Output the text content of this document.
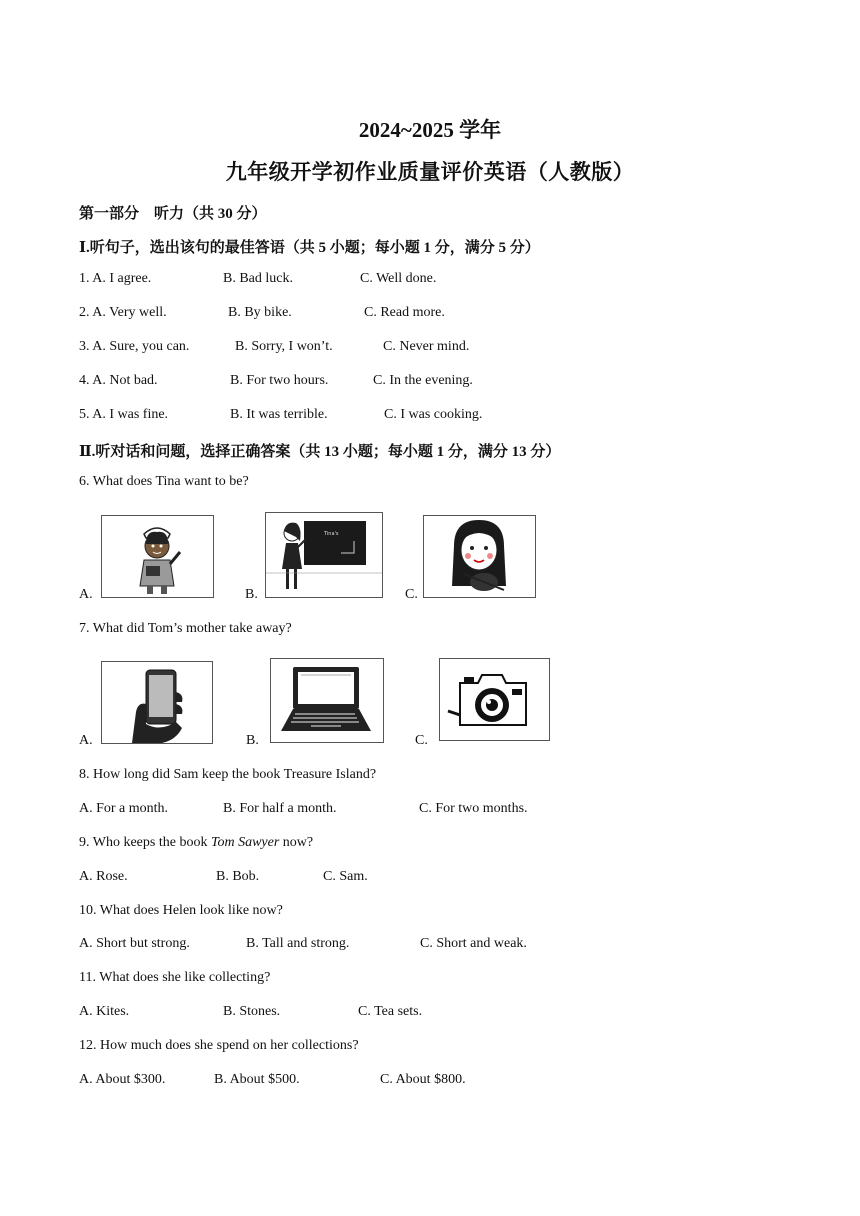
2024~2025 学年
九年级开学初作业质量评价英语（人教版）
第一部分　听力（共 30 分）
Ⅰ.听句子，选出该句的最佳答语（共 5 小题；每小题 1 分，满分 5 分）
1. A. I agree.	B. Bad luck.	C. Well done.
2. A. Very well.	B. By bike.	C. Read more.
3. A. Sure, you can.	B. Sorry, I won’t.	C. Never mind.
4. A. Not bad.	B. For two hours.	C. In the evening.
5. A. I was fine.	B. It was terrible.	C. I was cooking.
Ⅱ.听对话和问题，选择正确答案（共 13 小题；每小题 1 分，满分 13 分）
6. What does Tina want to be?
A.
Tina's
B.	C.
7. What did Tom’s mother take away?
A.	B.	C.
8. How long did Sam keep the book Treasure Island?
A. For a month.	B. For half a month.	C. For two months.
9. Who keeps the book Tom Sawyer now?
A. Rose.	B. Bob.	C. Sam.
10. What does Helen look like now?
A. Short but strong.	B. Tall and strong.	C. Short and weak.
11. What does she like collecting?
A. Kites.	B. Stones.	C. Tea sets.
12. How much does she spend on her collections?
A. About $300.	B. About $500.	C. About $800.
